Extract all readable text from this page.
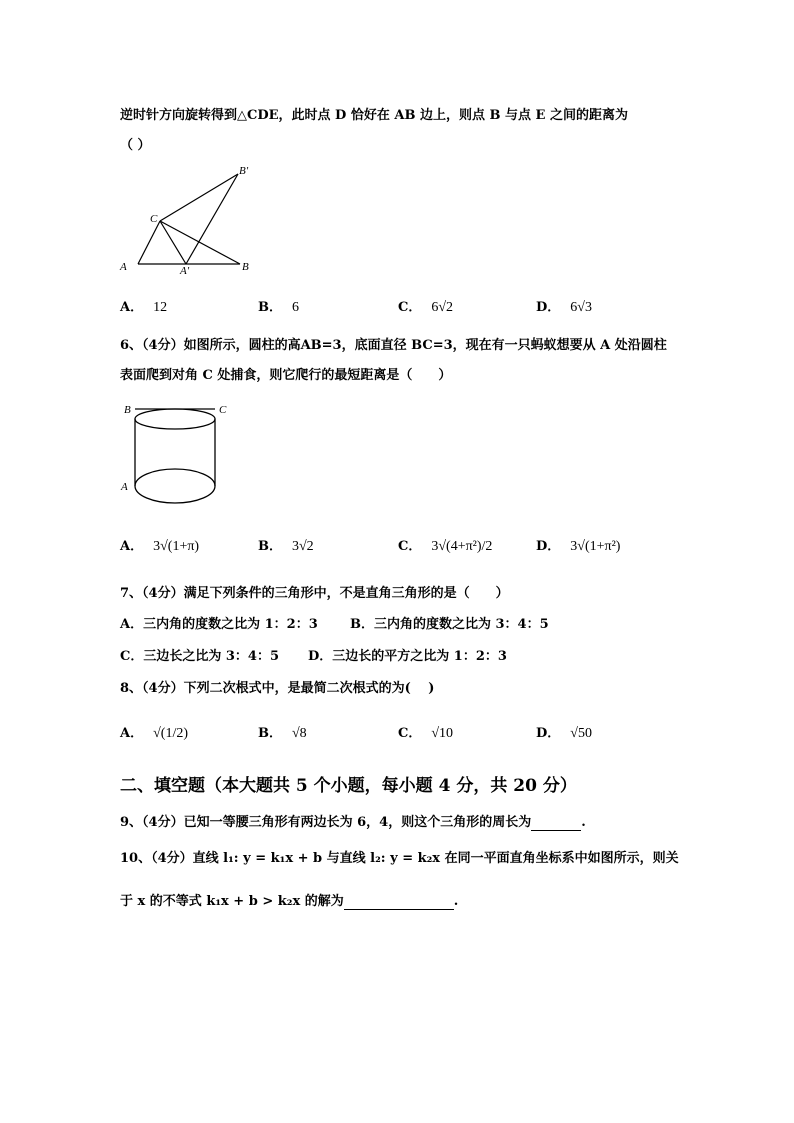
逆时针方向旋转得到△CDE，此时点 D 恰好在 AB 边上，则点 B 与点 E 之间的距离为
（ ）
A	B
C
A′
B′
A． 12	B． 6	C． 6√2	D． 6√3
6、（4分）如图所示，圆柱的高AB=3，底面直径 BC=3，现在有一只蚂蚁想要从 A 处沿圆柱
表面爬到对角 C 处捕食，则它爬行的最短距离是（　　）
B	C
A
A． 3√(1+π)	B． 3√2	C． 3√(4+π²)/2	D． 3√(1+π²)
7、（4分）满足下列条件的三角形中，不是直角三角形的是（　　）
A．三内角的度数之比为 1：2：3 B．三内角的度数之比为 3：4：5
C．三边长之比为 3：4：5 D．三边长的平方之比为 1：2：3
8、（4分）下列二次根式中，是最简二次根式的为(　 )
A． √(1/2)	B． √8	C． √10	D． √50
二、填空题（本大题共 5 个小题，每小题 4 分，共 20 分）
9、（4分）已知一等腰三角形有两边长为 6，4，则这个三角形的周长为	.
10、（4分）直线 l₁: y = k₁x + b 与直线 l₂: y = k₂x 在同一平面直角坐标系中如图所示，则关
于 x 的不等式 k₁x + b > k₂x 的解为	.
